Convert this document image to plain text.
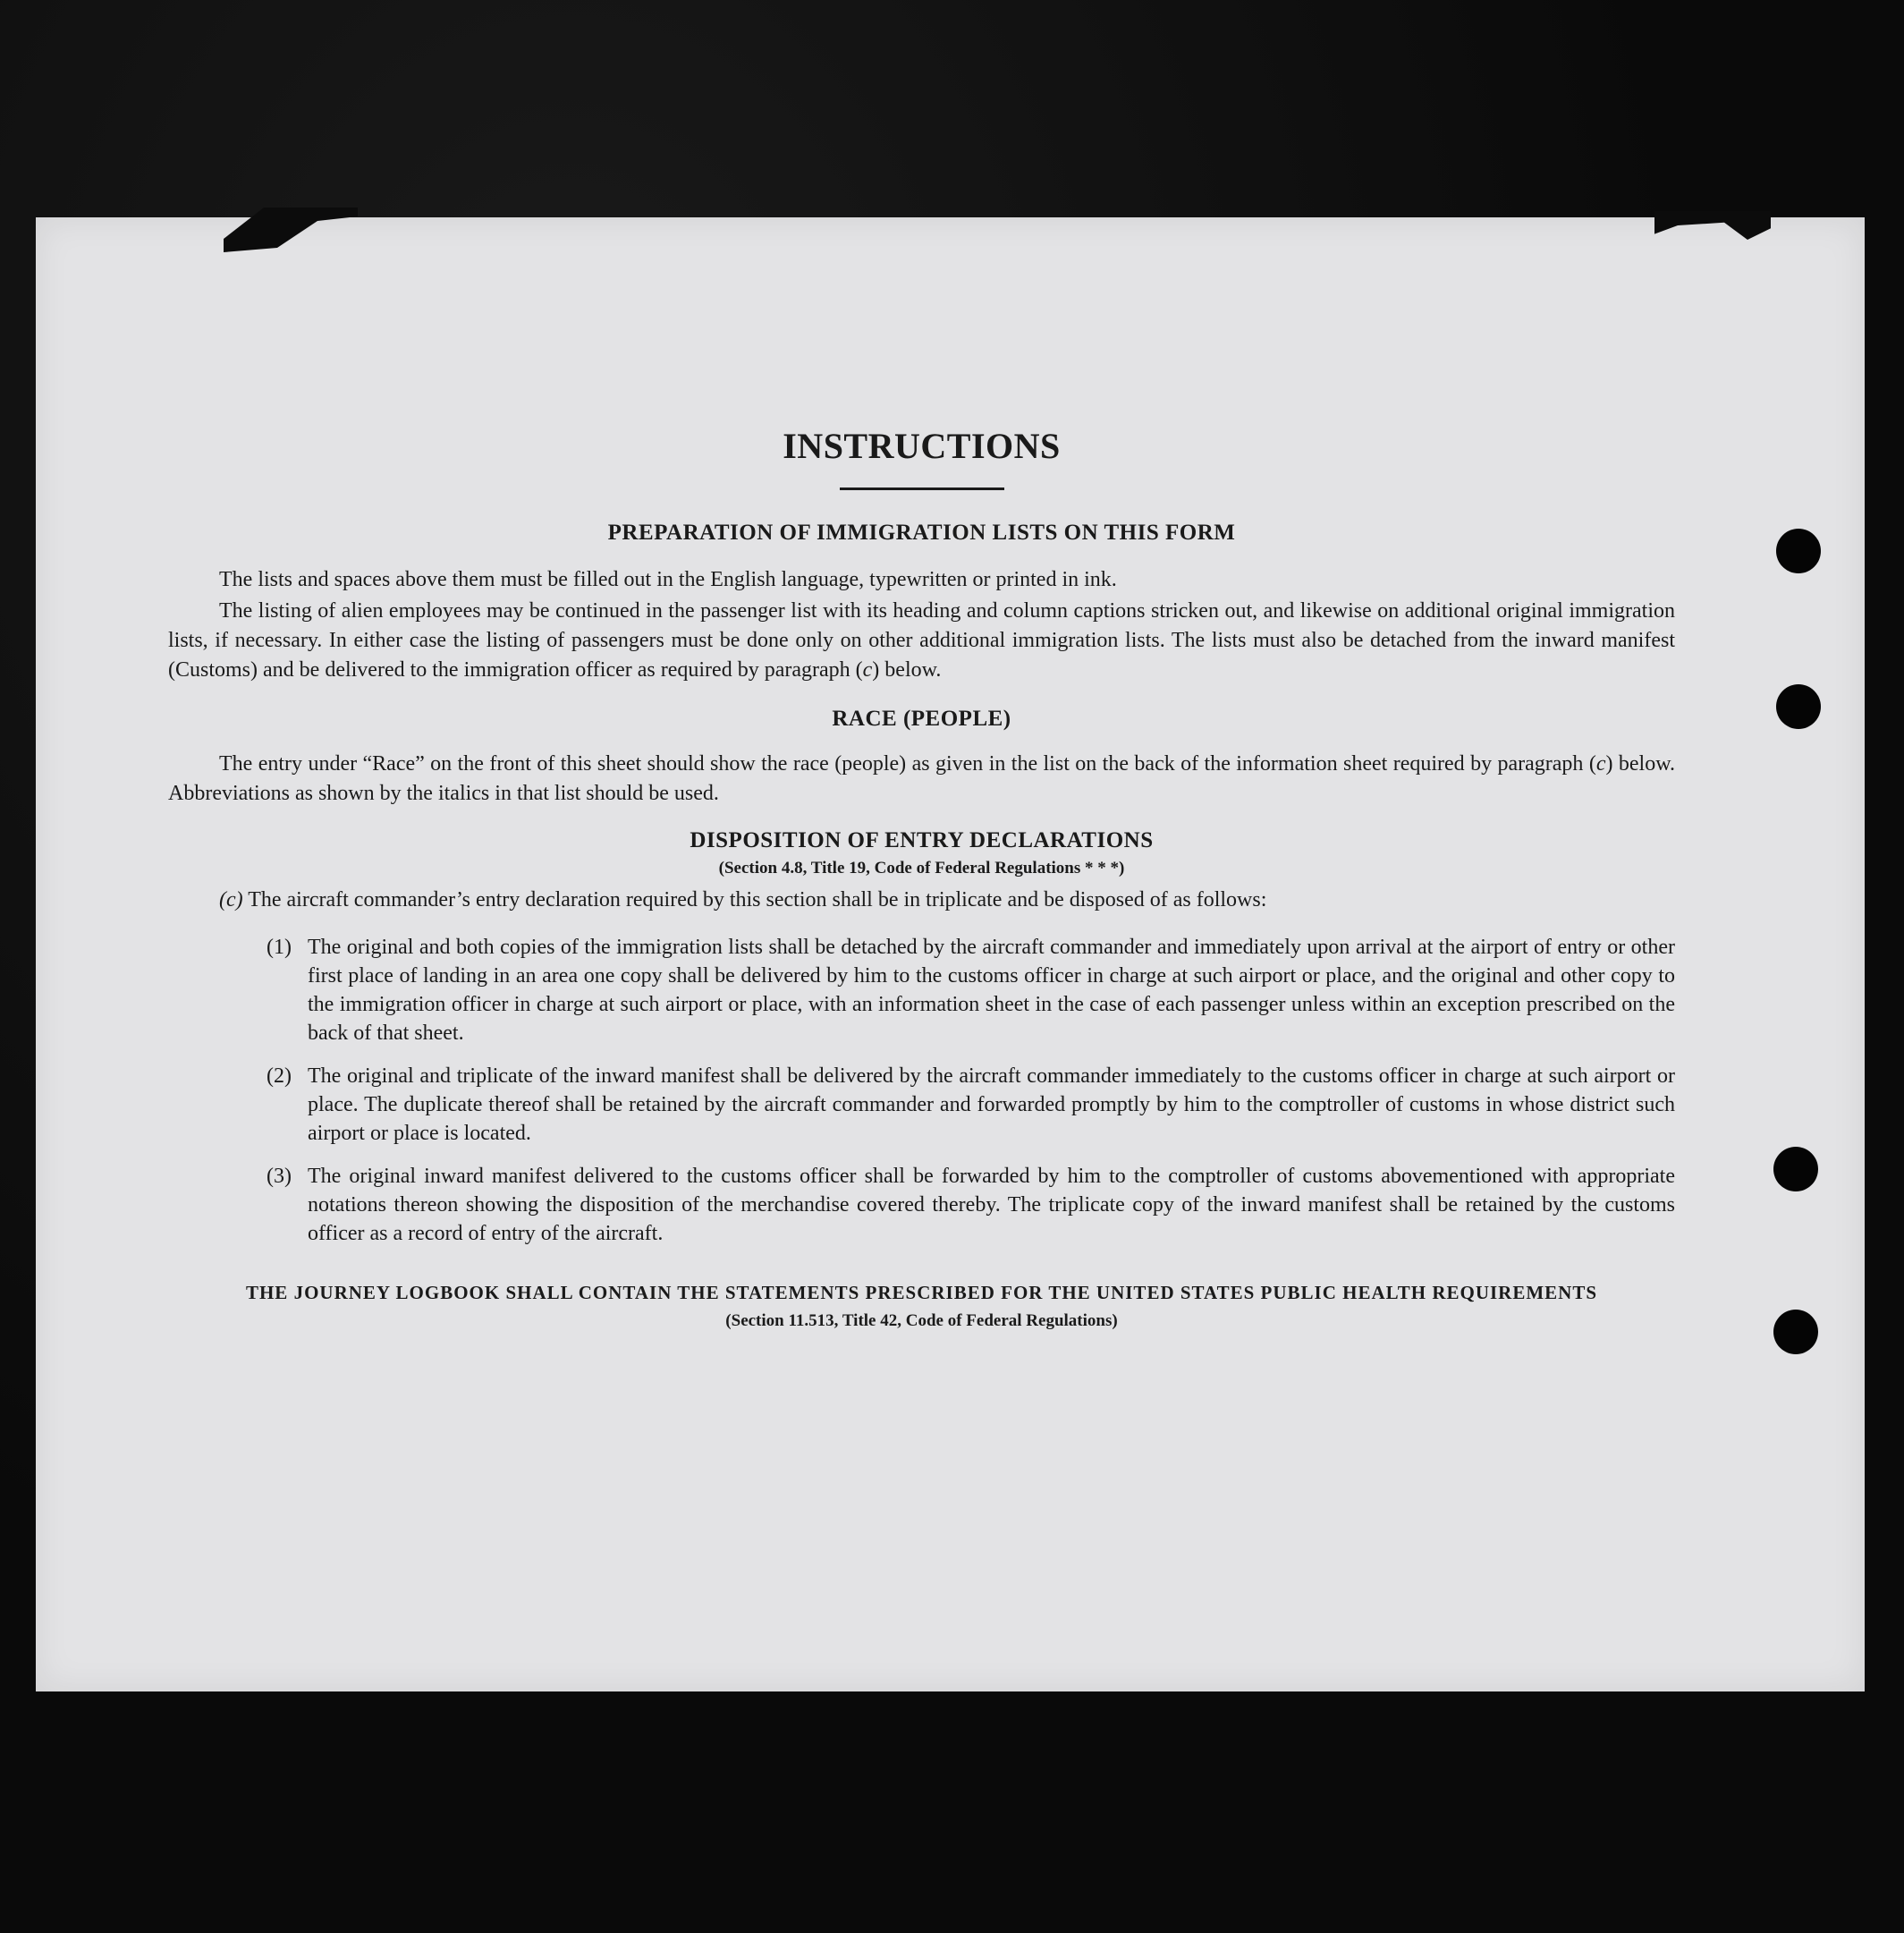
INSTRUCTIONS
PREPARATION OF IMMIGRATION LISTS ON THIS FORM

The lists and spaces above them must be filled out in the English language, typewritten or printed in ink.

The listing of alien employees may be continued in the passenger list with its heading and column captions stricken out, and likewise on additional original immigration lists, if necessary. In either case the listing of passengers must be done only on other additional immigration lists. The lists must also be detached from the inward manifest (Customs) and be delivered to the immigration officer as required by paragraph (c) below.

RACE (PEOPLE)

The entry under “Race” on the front of this sheet should show the race (people) as given in the list on the back of the information sheet required by paragraph (c) below. Abbreviations as shown by the italics in that list should be used.

DISPOSITION OF ENTRY DECLARATIONS

(Section 4.8, Title 19, Code of Federal Regulations * * *)

(c) The aircraft commander’s entry declaration required by this section shall be in triplicate and be disposed of as follows:

(1) The original and both copies of the immigration lists shall be detached by the aircraft commander and immediately upon arrival at the airport of entry or other first place of landing in an area one copy shall be delivered by him to the customs officer in charge at such airport or place, and the original and other copy to the immigration officer in charge at such airport or place, with an information sheet in the case of each passenger unless within an exception prescribed on the back of that sheet.
(2) The original and triplicate of the inward manifest shall be delivered by the aircraft commander immediately to the customs officer in charge at such airport or place. The duplicate thereof shall be retained by the aircraft commander and forwarded promptly by him to the comptroller of customs in whose district such airport or place is located.
(3) The original inward manifest delivered to the customs officer shall be forwarded by him to the comptroller of customs abovementioned with appropriate notations thereon showing the disposition of the merchandise covered thereby. The triplicate copy of the inward manifest shall be retained by the customs officer as a record of entry of the aircraft.

THE JOURNEY LOGBOOK SHALL CONTAIN THE STATEMENTS PRESCRIBED FOR THE UNITED STATES PUBLIC HEALTH REQUIREMENTS

(Section 11.513, Title 42, Code of Federal Regulations)
